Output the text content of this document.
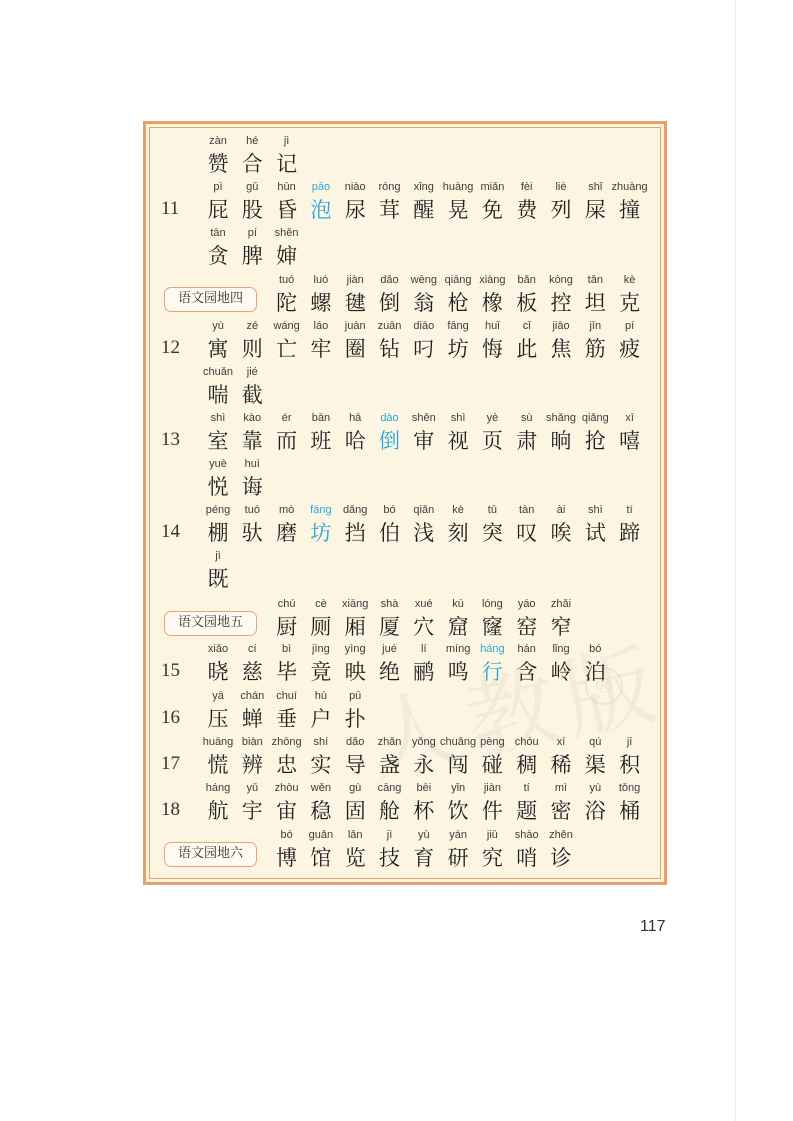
®
zàn
赞
hé
合
jì
记
11
pì
屁
gǔ
股
hūn
昏
pāo
泡
niào
尿
róng
茸
xǐng
醒
huàng
晃
miǎn
免
fèi
费
liè
列
shǐ
屎
zhuàng
撞
tān
贪
pí
脾
shěn
婶
语文园地四
tuó
陀
luó
螺
jiàn
毽
dǎo
倒
wēng
翁
qiāng
枪
xiàng
橡
bǎn
板
kòng
控
tǎn
坦
kè
克
12
yù
寓
zé
则
wáng
亡
láo
牢
juàn
圈
zuān
钻
diāo
叼
fāng
坊
huǐ
悔
cǐ
此
jiāo
焦
jīn
筋
pí
疲
chuǎn
喘
jié
截
13
shì
室
kào
靠
ér
而
bān
班
hā
哈
dào
倒
shěn
审
shì
视
yè
页
sù
肃
shǎng
晌
qiǎng
抢
xī
嘻
yuè
悦
huì
诲
14
péng
棚
tuó
驮
mò
磨
fáng
坊
dǎng
挡
bó
伯
qiǎn
浅
kè
刻
tū
突
tàn
叹
ài
唉
shì
试
tí
蹄
jì
既
语文园地五
chú
厨
cè
厕
xiāng
厢
shà
厦
xué
穴
kū
窟
lóng
窿
yáo
窑
zhǎi
窄
15
xiǎo
晓
cí
慈
bì
毕
jìng
竟
yìng
映
jué
绝
lí
鹂
míng
鸣
háng
行
hán
含
lǐng
岭
bó
泊
16
yā
压
chán
蝉
chuí
垂
hù
户
pū
扑
17
huāng
慌
biàn
辨
zhōng
忠
shí
实
dǎo
导
zhǎn
盏
yǒng
永
chuǎng
闯
pèng
碰
chóu
稠
xī
稀
qú
渠
jī
积
18
háng
航
yǔ
宇
zhòu
宙
wěn
稳
gù
固
cāng
舱
bēi
杯
yǐn
饮
jiàn
件
tí
题
mì
密
yù
浴
tǒng
桶
语文园地六
bó
博
guǎn
馆
lǎn
览
jì
技
yù
育
yán
研
jiū
究
shào
哨
zhěn
诊
117
